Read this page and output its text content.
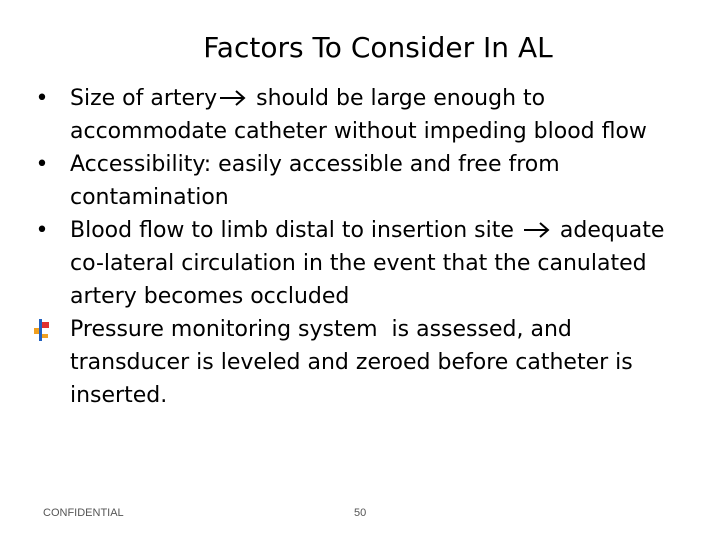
Factors To Consider In AL
• Size of artery
should be large enough to accommodate catheter without impeding blood flow
• Accessibility: easily accessible and free from contamination
• Blood flow to limb distal to insertion site
adequate co-lateral circulation in the event that the canulated artery becomes occluded
Pressure monitoring system  is assessed, and transducer is leveled and zeroed before catheter is inserted.
CONFIDENTIAL	50
